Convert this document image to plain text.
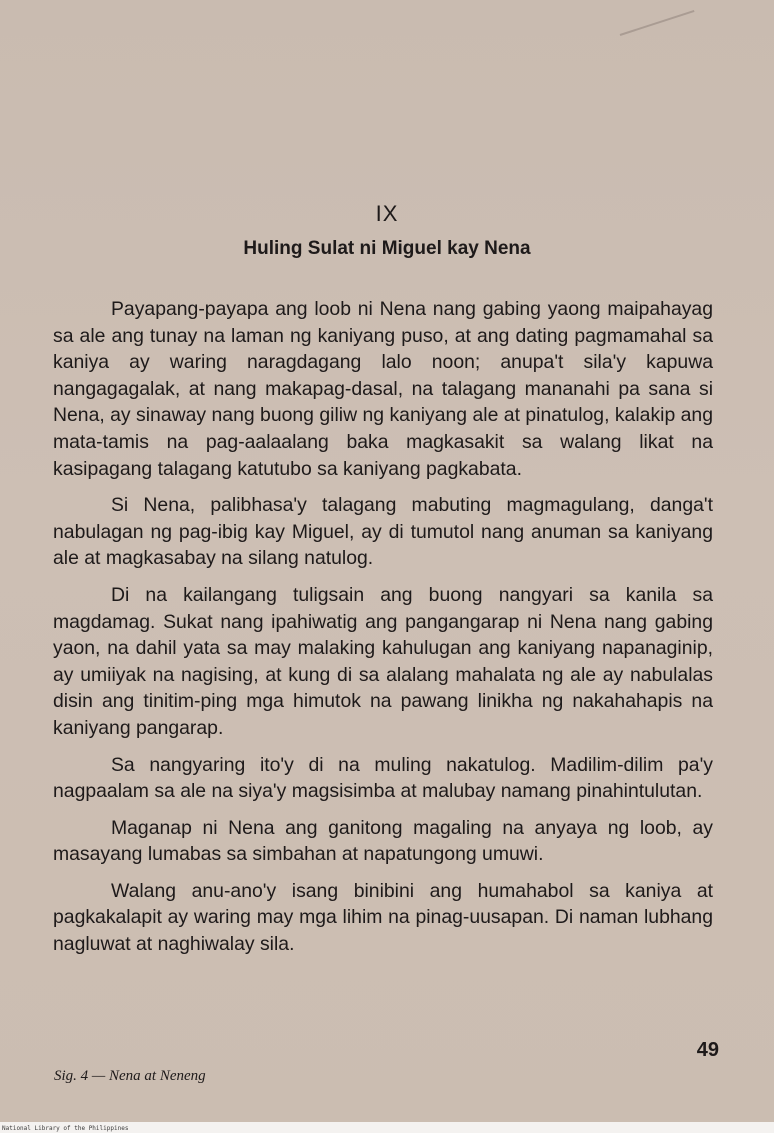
IX
Huling Sulat ni Miguel kay Nena

Payapang-payapa ang loob ni Nena nang gabing yaong maipahayag sa ale ang tunay na laman ng kaniyang puso, at ang dating pagmamahal sa kaniya ay waring naragdagang lalo noon; anupa't sila'y kapuwa nangagagalak, at nang makapag-dasal, na talagang mananahi pa sana si Nena, ay sinaway nang buong giliw ng kaniyang ale at pinatulog, kalakip ang mata-tamis na pag-aalaalang baka magkasakit sa walang likat na kasipagang talagang katutubo sa kaniyang pagkabata.

Si Nena, palibhasa'y talagang mabuting magmagulang, danga't nabulagan ng pag-ibig kay Miguel, ay di tumutol nang anuman sa kaniyang ale at magkasabay na silang natulog.

Di na kailangang tuligsain ang buong nangyari sa kanila sa magdamag. Sukat nang ipahiwatig ang pangangarap ni Nena nang gabing yaon, na dahil yata sa may malaking kahulugan ang kaniyang napanaginip, ay umiiyak na nagising, at kung di sa alalang mahalata ng ale ay nabulalas disin ang tinitim-ping mga himutok na pawang linikha ng nakahahapis na kaniyang pangarap.

Sa nangyaring ito'y di na muling nakatulog. Madilim-dilim pa'y nagpaalam sa ale na siya'y magsisimba at malubay namang pinahintulutan.

Maganap ni Nena ang ganitong magaling na anyaya ng loob, ay masayang lumabas sa simbahan at napatungong umuwi.

Walang anu-ano'y isang binibini ang humahabol sa kaniya at pagkakalapit ay waring may mga lihim na pinag-uusapan. Di naman lubhang nagluwat at naghiwalay sila.

49
Sig. 4 — Nena at Neneng
National Library of the Philippines
